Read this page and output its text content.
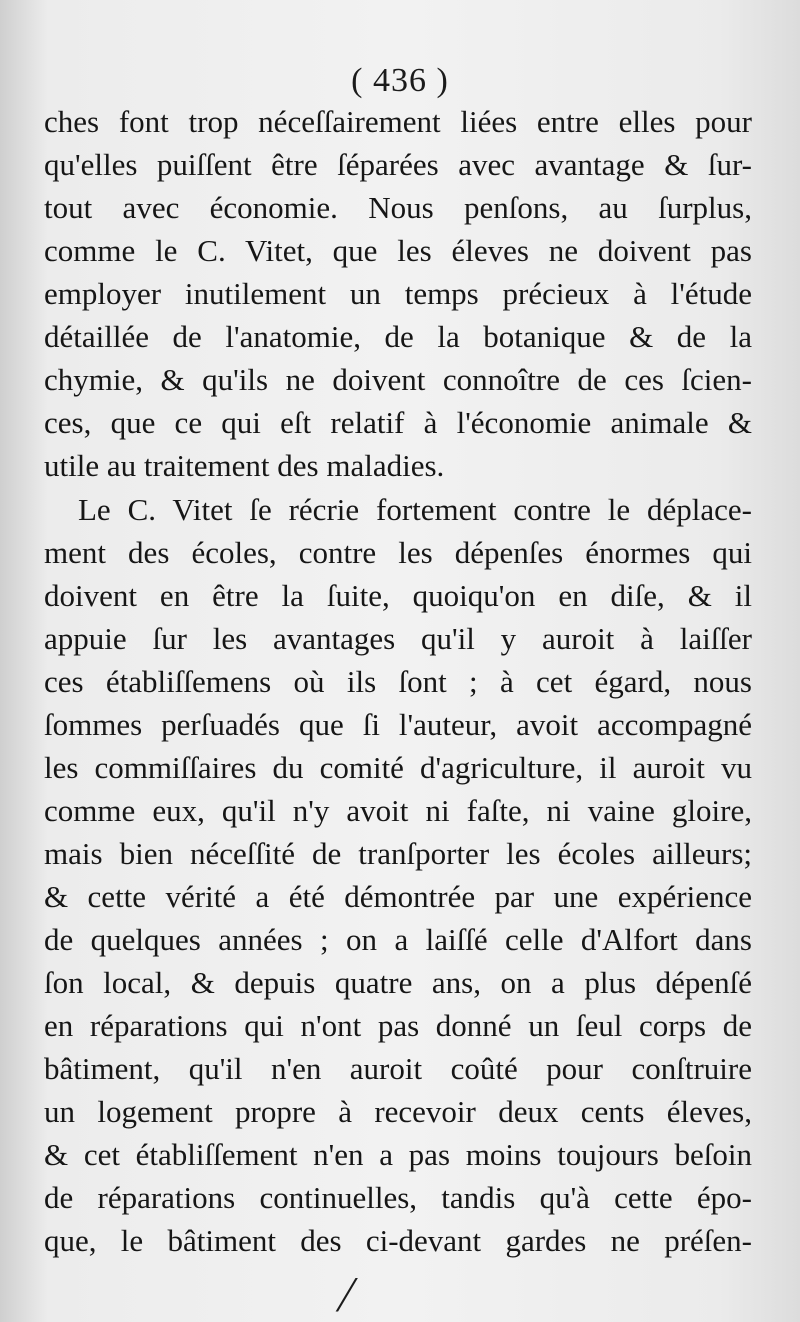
( 436 )
ches font trop néceſſairement liées entre elles pour
qu'elles puiſſent être ſéparées avec avantage & ſur-
tout avec économie. Nous penſons, au ſurplus,
comme le C. Vitet, que les éleves ne doivent pas
employer inutilement un temps précieux à l'étude
détaillée de l'anatomie, de la botanique & de la
chymie, & qu'ils ne doivent connoître de ces ſcien-
ces, que ce qui eſt relatif à l'économie animale &
utile au traitement des maladies.
Le C. Vitet ſe récrie fortement contre le déplace-
ment des écoles, contre les dépenſes énormes qui
doivent en être la ſuite, quoiqu'on en diſe, & il
appuie ſur les avantages qu'il y auroit à laiſſer
ces établiſſemens où ils ſont ; à cet égard, nous
ſommes perſuadés que ſi l'auteur, avoit accompagné
les commiſſaires du comité d'agriculture, il auroit vu
comme eux, qu'il n'y avoit ni faſte, ni vaine gloire,
mais bien néceſſité de tranſporter les écoles ailleurs;
& cette vérité a été démontrée par une expérience
de quelques années ; on a laiſſé celle d'Alfort dans
ſon local, & depuis quatre ans, on a plus dépenſé
en réparations qui n'ont pas donné un ſeul corps de
bâtiment, qu'il n'en auroit coûté pour conſtruire
un logement propre à recevoir deux cents éleves,
& cet établiſſement n'en a pas moins toujours beſoin
de réparations continuelles, tandis qu'à cette épo-
que, le bâtiment des ci-devant gardes ne préſen-
/
